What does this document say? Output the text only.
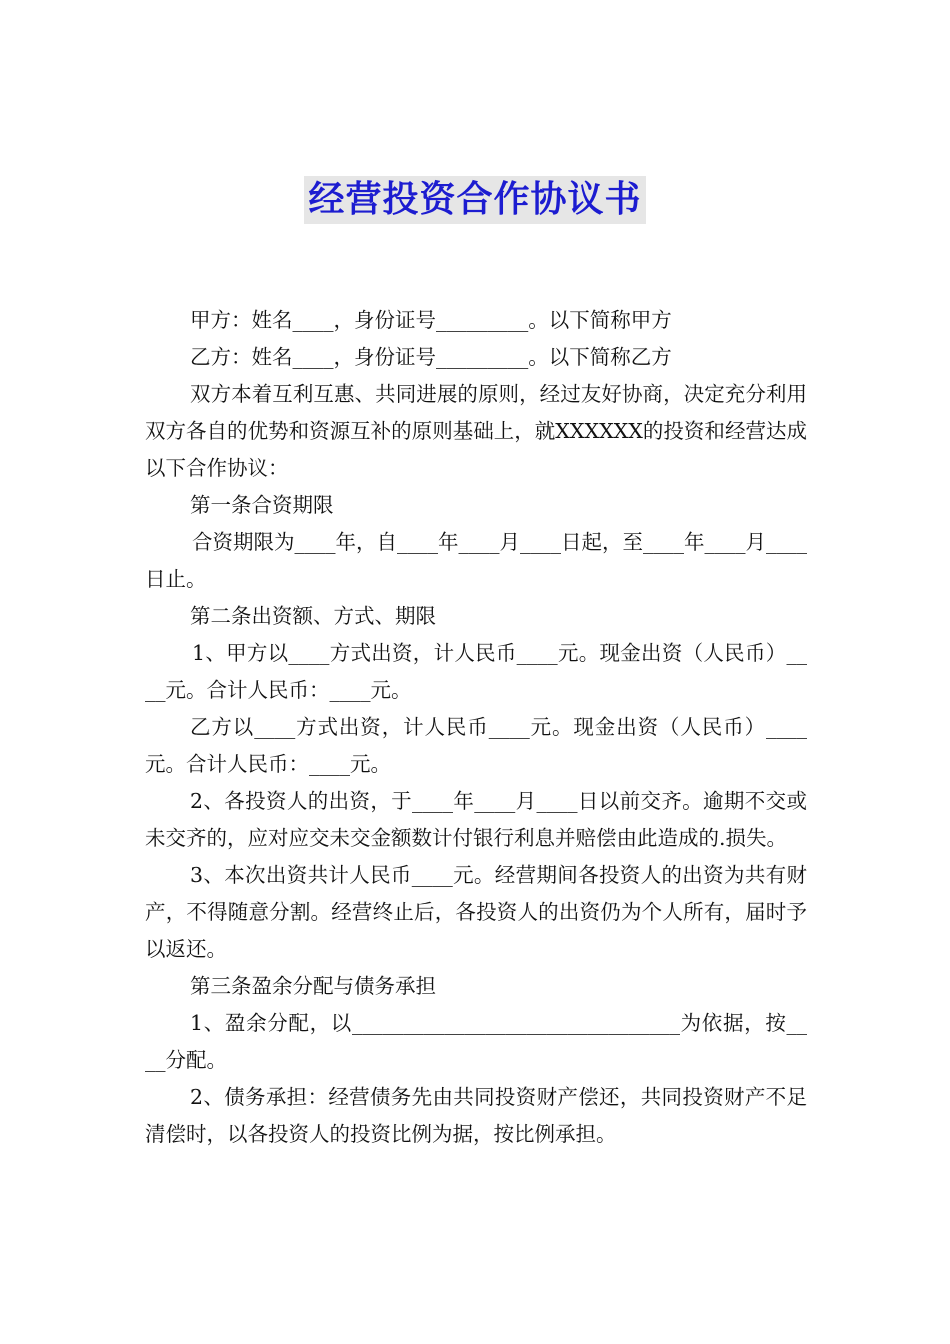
经营投资合作协议书

甲方：姓名____，身份证号_________。以下简称甲方

乙方：姓名____，身份证号_________。以下简称乙方

双方本着互利互惠、共同进展的原则，经过友好协商，决定充分利用双方各自的优势和资源互补的原则基础上，就XXXXXX的投资和经营达成以下合作协议：

第一条合资期限

合资期限为____年，自____年____月____日起，至____年____月____日止。

第二条出资额、方式、期限

1、甲方以____方式出资，计人民币____元。现金出资（人民币）____元。合计人民币：____元。

乙方以____方式出资，计人民币____元。现金出资（人民币）____元。合计人民币：____元。

2、各投资人的出资，于____年____月____日以前交齐。逾期不交或未交齐的，应对应交未交金额数计付银行利息并赔偿由此造成的.损失。

3、本次出资共计人民币____元。经营期间各投资人的出资为共有财产，不得随意分割。经营终止后，各投资人的出资仍为个人所有，届时予以返还。

第三条盈余分配与债务承担

1、盈余分配，以________________________________为依据，按____分配。

2、债务承担：经营债务先由共同投资财产偿还，共同投资财产不足清偿时，以各投资人的投资比例为据，按比例承担。
